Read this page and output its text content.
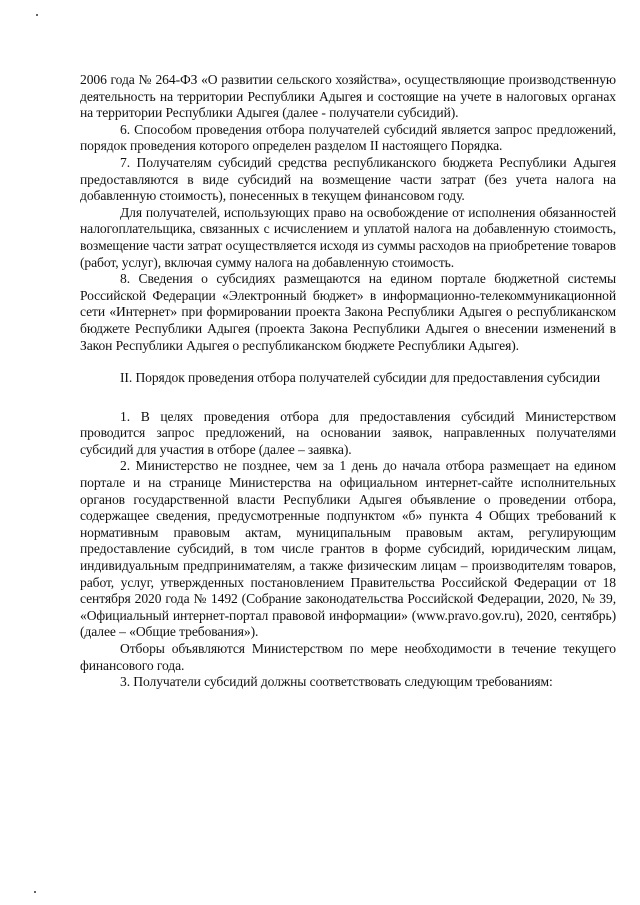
2006 года № 264-ФЗ «О развитии сельского хозяйства», осуществляющие производственную деятельность на территории Республики Адыгея и состоящие на учете в налоговых органах на территории Республики Адыгея (далее - получатели субсидий).

6. Способом проведения отбора получателей субсидий является запрос предложений, порядок проведения которого определен разделом II настоящего Порядка.

7. Получателям субсидий средства республиканского бюджета Республики Адыгея предоставляются в виде субсидий на возмещение части затрат (без учета налога на добавленную стоимость), понесенных в текущем финансовом году.

Для получателей, использующих право на освобождение от исполнения обязанностей налогоплательщика, связанных с исчислением и уплатой налога на добавленную стоимость, возмещение части затрат осуществляется исходя из суммы расходов на приобретение товаров (работ, услуг), включая сумму налога на добавленную стоимость.

8. Сведения о субсидиях размещаются на едином портале бюджетной системы Российской Федерации «Электронный бюджет» в информационно-телекоммуникационной сети «Интернет» при формировании проекта Закона Республики Адыгея о республиканском бюджете Республики Адыгея (проекта Закона Республики Адыгея о внесении изменений в Закон Республики Адыгея о республиканском бюджете Республики Адыгея).

II. Порядок проведения отбора получателей субсидии для предоставления субсидии

1. В целях проведения отбора для предоставления субсидий Министерством проводится запрос предложений, на основании заявок, направленных получателями субсидий для участия в отборе (далее – заявка).

2. Министерство не позднее, чем за 1 день до начала отбора размещает на едином портале и на странице Министерства на официальном интернет-сайте исполнительных органов государственной власти Республики Адыгея объявление о проведении отбора, содержащее сведения, предусмотренные подпунктом «б» пункта 4 Общих требований к нормативным правовым актам, муниципальным правовым актам, регулирующим предоставление субсидий, в том числе грантов в форме субсидий, юридическим лицам, индивидуальным предпринимателям, а также физическим лицам – производителям товаров, работ, услуг, утвержденных постановлением Правительства Российской Федерации от 18 сентября 2020 года № 1492 (Собрание законодательства Российской Федерации, 2020, № 39, «Официальный интернет-портал правовой информации» (www.pravo.gov.ru), 2020, сентябрь) (далее – «Общие требования»).

Отборы объявляются Министерством по мере необходимости в течение текущего финансового года.

3. Получатели субсидий должны соответствовать следующим требованиям:
